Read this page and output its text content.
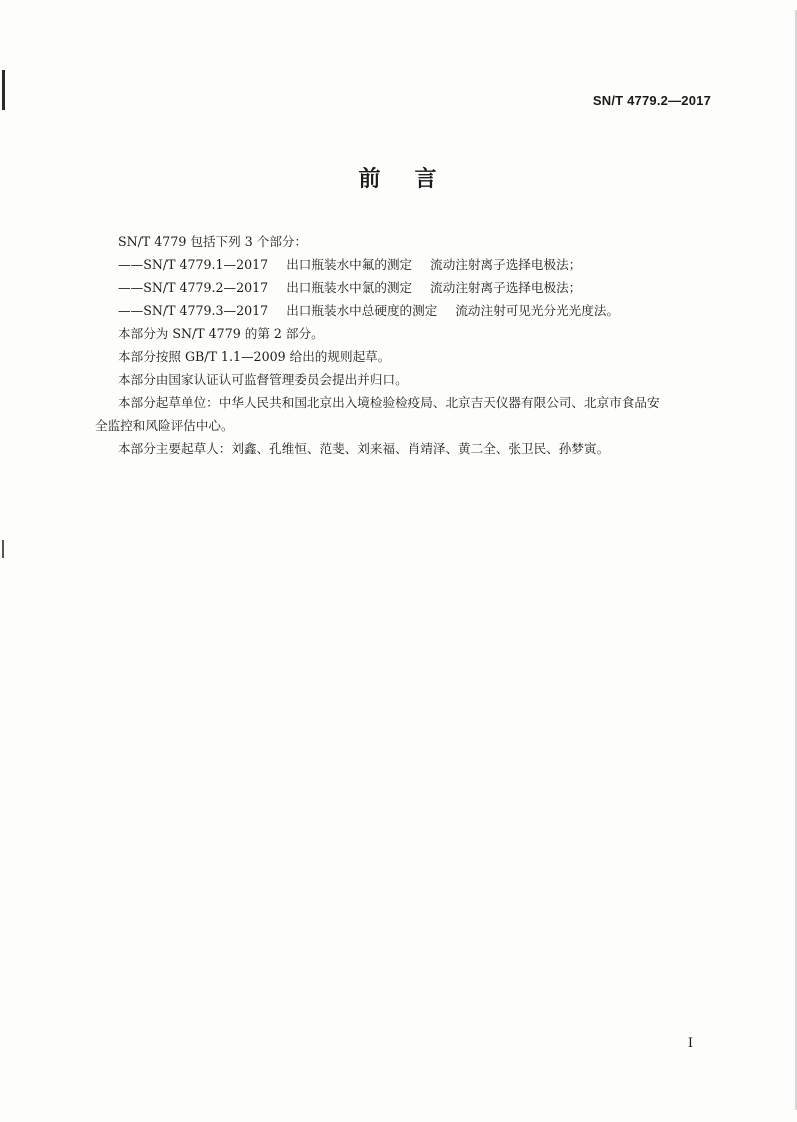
SN/T 4779.2—2017
前 言
SN/T 4779 包括下列 3 个部分：
——SN/T 4779.1—2017 出口瓶装水中氟的测定 流动注射离子选择电极法；
——SN/T 4779.2—2017 出口瓶装水中氯的测定 流动注射离子选择电极法；
——SN/T 4779.3—2017 出口瓶装水中总硬度的测定 流动注射可见光分光光度法。
本部分为 SN/T 4779 的第 2 部分。
本部分按照 GB/T 1.1—2009 给出的规则起草。
本部分由国家认证认可监督管理委员会提出并归口。
本部分起草单位：中华人民共和国北京出入境检验检疫局、北京吉天仪器有限公司、北京市食品安
全监控和风险评估中心。
本部分主要起草人：刘鑫、孔维恒、范斐、刘来福、肖靖泽、黄二全、张卫民、孙梦寅。
I
